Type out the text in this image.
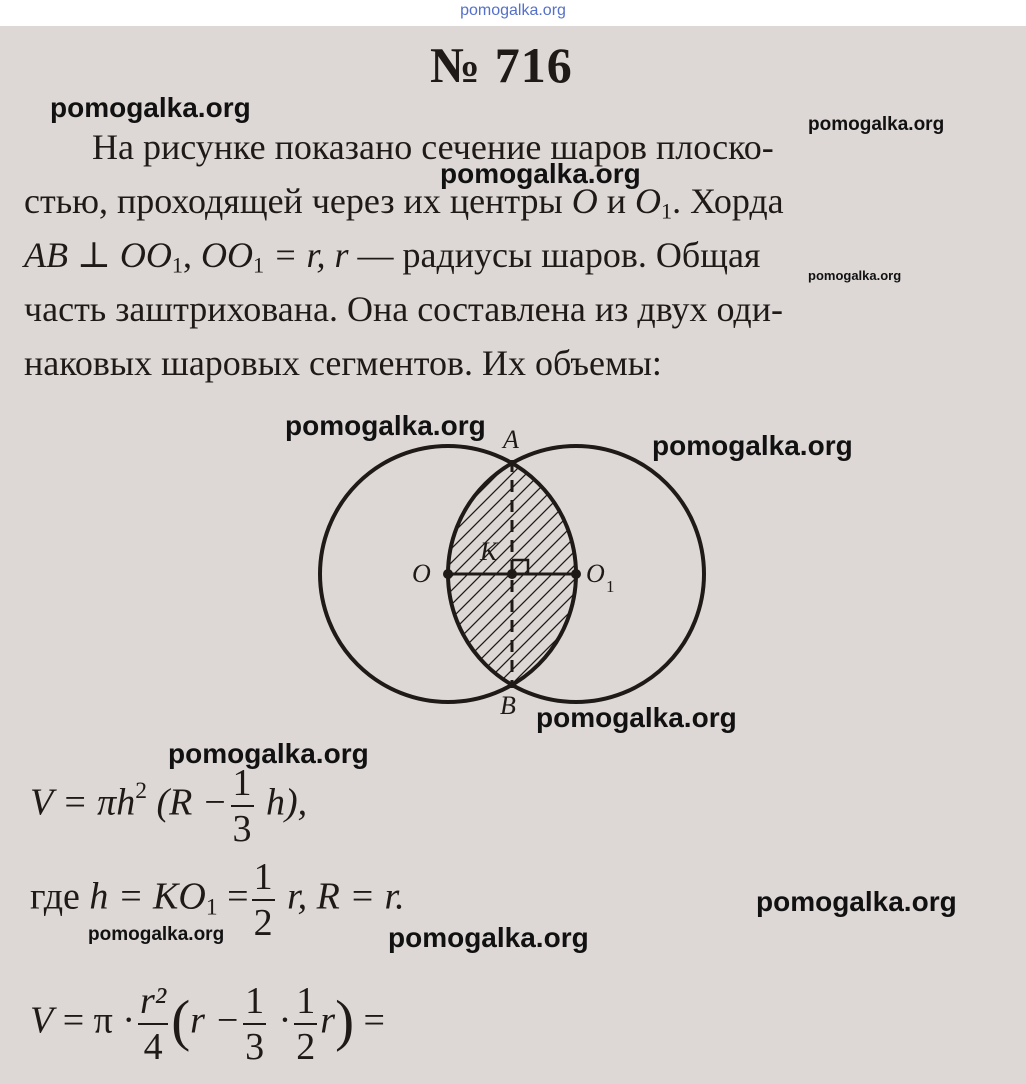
pomogalka.org
№ 716
На рисунке показано сечение шаров плоско-
стью, проходящей через их центры O и $O_1$. Хорда
AB ⊥ $OO_1$, $OO_1 = r$, r — радиусы шаров. Общая
часть заштрихована. Она составлена из двух оди-
наковых шаровых сегментов. Их объемы:
A
B
O	O 1
K
$V = \pi h^2$ $(R - \frac{1}{3} h)$,
где $h = KO_1 = \frac{1}{2} r$, R = r.
$V = \pi \cdot \frac{\text{r²}}{4} (r - \frac{1}{3} \cdot \frac{1}{2} r)$ =
pomogalka.org
pomogalka.org
pomogalka.org
pomogalka.org
pomogalka.org
pomogalka.org
pomogalka.org
pomogalka.org
pomogalka.org
pomogalka.org	pomogalka.org
